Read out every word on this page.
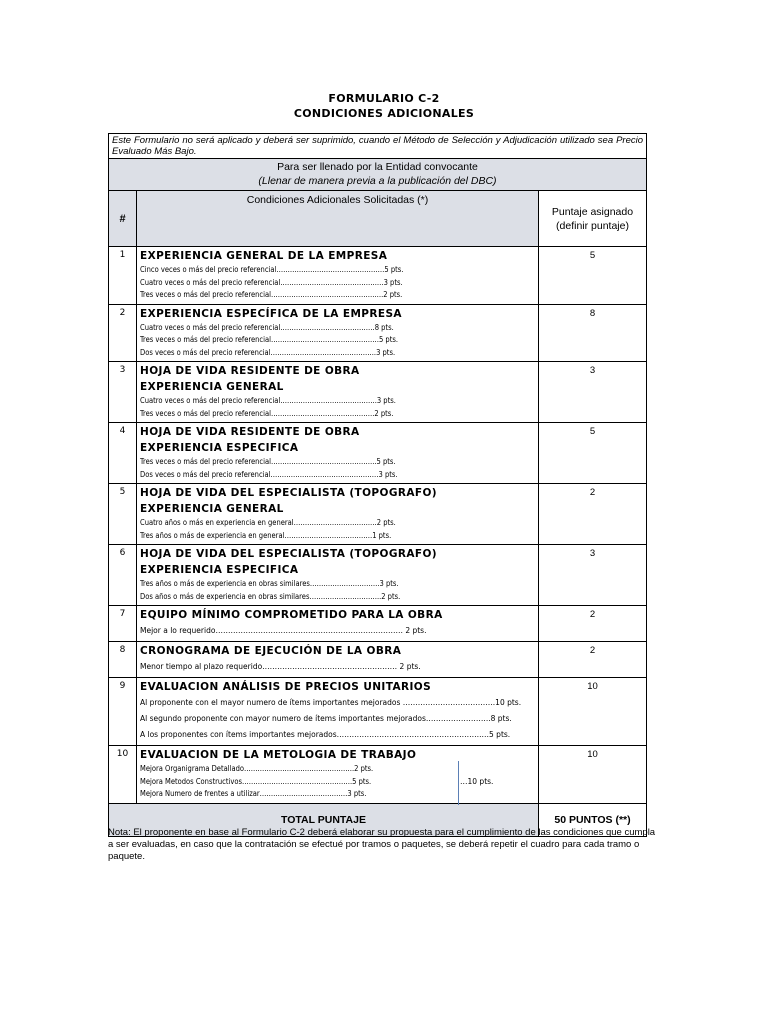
FORMULARIO C-2
CONDICIONES ADICIONALES
Este Formulario no será aplicado y deberá ser suprimido, cuando el Método de Selección y Adjudicación utilizado sea Precio Evaluado Más Bajo.		

Para ser llenado por la Entidad convocante
(Llenar de manera previa a la publicación del DBC)		

#	Condiciones Adicionales Solicitadas (*)	Puntaje asignado (definir puntaje)
1	EXPERIENCIA GENERAL DE LA EMPRESA
Cinco veces o más del precio referencial…………………………………………5 pts.
Cuatro veces o más del precio referencial…………………………………….…3 pts.
Tres veces o más del precio referencial……………………………………….….2 pts.	5
2	EXPERIENCIA ESPECÍFICA DE LA EMPRESA
Cuatro veces o más del precio referencial……………………………………8 pts.
Tres veces o más del precio referencial…………………………………………5 pts.
Dos veces o más del precio referencial………………………………………..3 pts.	8
3	HOJA DE VIDA RESIDENTE DE OBRA
EXPERIENCIA GENERAL
Cuatro veces o más del precio referencial…………………………………….3 pts.
Tres veces o más del precio referencial……………………………………….2 pts.	3
4	HOJA DE VIDA RESIDENTE DE OBRA
EXPERIENCIA ESPECIFICA
Tres veces o más del precio referencial………………………………………..5 pts.
Dos veces o más del precio referencial…………………………………………3 pts.	5
5	HOJA DE VIDA DEL ESPECIALISTA (TOPOGRAFO)
EXPERIENCIA GENERAL
Cuatro años o más en experiencia en general…………………………….…2 pts.
Tres años o más de experiencia en general…………………………………1 pts.	2
6	HOJA DE VIDA DEL ESPECIALISTA (TOPOGRAFO)
EXPERIENCIA ESPECIFICA
Tres años o más de experiencia en obras similares………………………….3 pts.
Dos años o más de experiencia en obras similares…………………………..2 pts.	3
7	EQUIPO MÍNIMO COMPROMETIDO PARA LA OBRA
Mejor a lo requerido………………………………………………………………… 2 pts.	2
8	CRONOGRAMA DE EJECUCIÓN DE LA OBRA
Menor tiempo al plazo requerido……………………………………………… 2 pts.	2
9	EVALUACION ANÁLISIS DE PRECIOS UNITARIOS
Al proponente con el mayor numero de ítems importantes mejorados ……………………………….10 pts.
Al segundo proponente con mayor numero de ítems importantes mejorados……………………..8 pts.
A los proponentes con ítems importantes mejorados………………………………………………….…5 pts.	10
10	EVALUACION DE LA METOLOGIA DE TRABAJO
Mejora Organigrama Detallado………………………………………….2 pts.
Mejora Metodos Constructivos………………………………………….5 pts.
Mejora Numero de frentes a utilizar…………………………………3 pts.
…10 pts.	10
TOTAL PUNTAJE		50 PUNTOS (**)
Nota: El proponente en base al Formulario C-2 deberá elaborar su propuesta para el cumplimiento de las condiciones que cumpla a ser evaluadas, en caso que la contratación se efectué por tramos o paquetes, se deberá repetir el cuadro para cada tramo o paquete.
